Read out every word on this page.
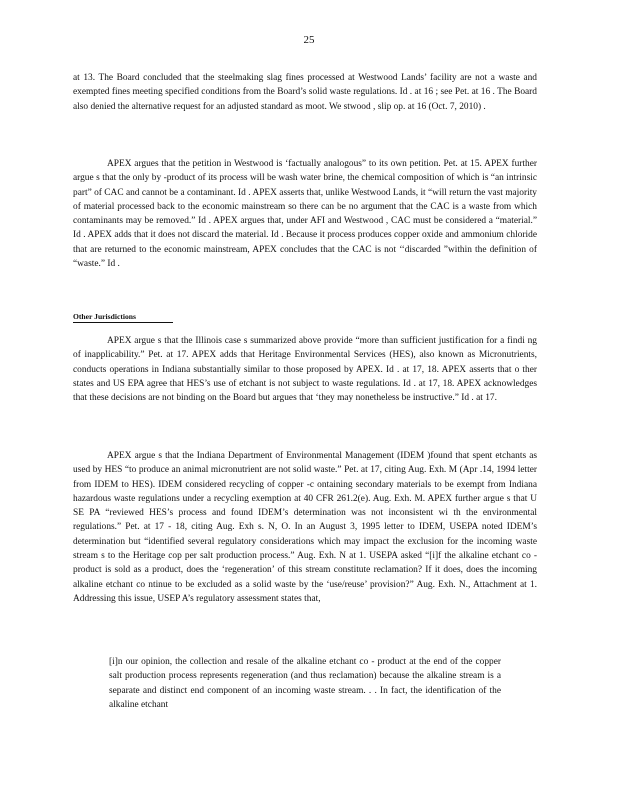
25

at 13. The Board concluded that the steelmaking slag fines processed at Westwood Lands’ facility are not a waste and exempted fines meeting specified conditions from the Board’s solid waste regulations. Id . at 16 ; see Pet. at 16 . The Board also denied the alternative request for an adjusted standard as moot. We stwood , slip op. at 16 (Oct. 7, 2010) .

APEX argues that the petition in Westwood is ‘factually analogous” to its own petition. Pet. at 15. APEX further argue s that the only by -product of its process will be wash water brine, the chemical composition of which is “an intrinsic part” of CAC and cannot be a contaminant. Id . APEX asserts that, unlike Westwood Lands, it “will return the vast majority of material processed back to the economic mainstream so there can be no argument that the CAC is a waste from which contaminants may be removed.” Id . APEX argues that, under AFI and Westwood , CAC must be considered a “material.” Id . APEX adds that it does not discard the material. Id . Because it process produces copper oxide and ammonium chloride that are returned to the economic mainstream, APEX concludes that the CAC is not ‘‘discarded ”within the definition of “waste.” Id .

Other Jurisdictions

APEX argue s that the Illinois case s summarized above provide “more than sufficient justification for a findi ng of inapplicability.” Pet. at 17. APEX adds that Heritage Environmental Services (HES), also known as Micronutrients, conducts operations in Indiana substantially similar to those proposed by APEX. Id . at 17, 18. APEX asserts that o ther states and US EPA agree that HES’s use of etchant is not subject to waste regulations. Id . at 17, 18. APEX acknowledges that these decisions are not binding on the Board but argues that ‘they may nonetheless be instructive.” Id . at 17.

APEX argue s that the Indiana Department of Environmental Management (IDEM )found that spent etchants as used by HES “to produce an animal micronutrient are not solid waste.” Pet. at 17, citing Aug. Exh. M (Apr .14, 1994 letter from IDEM to HES). IDEM considered recycling of copper -c ontaining secondary materials to be exempt from Indiana hazardous waste regulations under a recycling exemption at 40 CFR 261.2(e). Aug. Exh. M. APEX further argue s that U SE PA “reviewed HES’s process and found IDEM’s determination was not inconsistent wi th the environmental regulations.” Pet. at 17 - 18, citing Aug. Exh s. N, O. In an August 3, 1995 letter to IDEM, USEPA noted IDEM’s determination but “identified several regulatory considerations which may impact the exclusion for the incoming waste stream s to the Heritage cop per salt production process.” Aug. Exh. N at 1. USEPA asked “[i]f the alkaline etchant co -product is sold as a product, does the ‘regeneration’ of this stream constitute reclamation? If it does, does the incoming alkaline etchant co ntinue to be excluded as a solid waste by the ‘use/reuse’ provision?” Aug. Exh. N., Attachment at 1. Addressing this issue, USEP A’s regulatory assessment states that,

[i]n our opinion, the collection and resale of the alkaline etchant co - product at the end of the copper salt production process represents regeneration (and thus reclamation) because the alkaline stream is a separate and distinct end component of an incoming waste stream. . . In fact, the identification of the alkaline etchant
